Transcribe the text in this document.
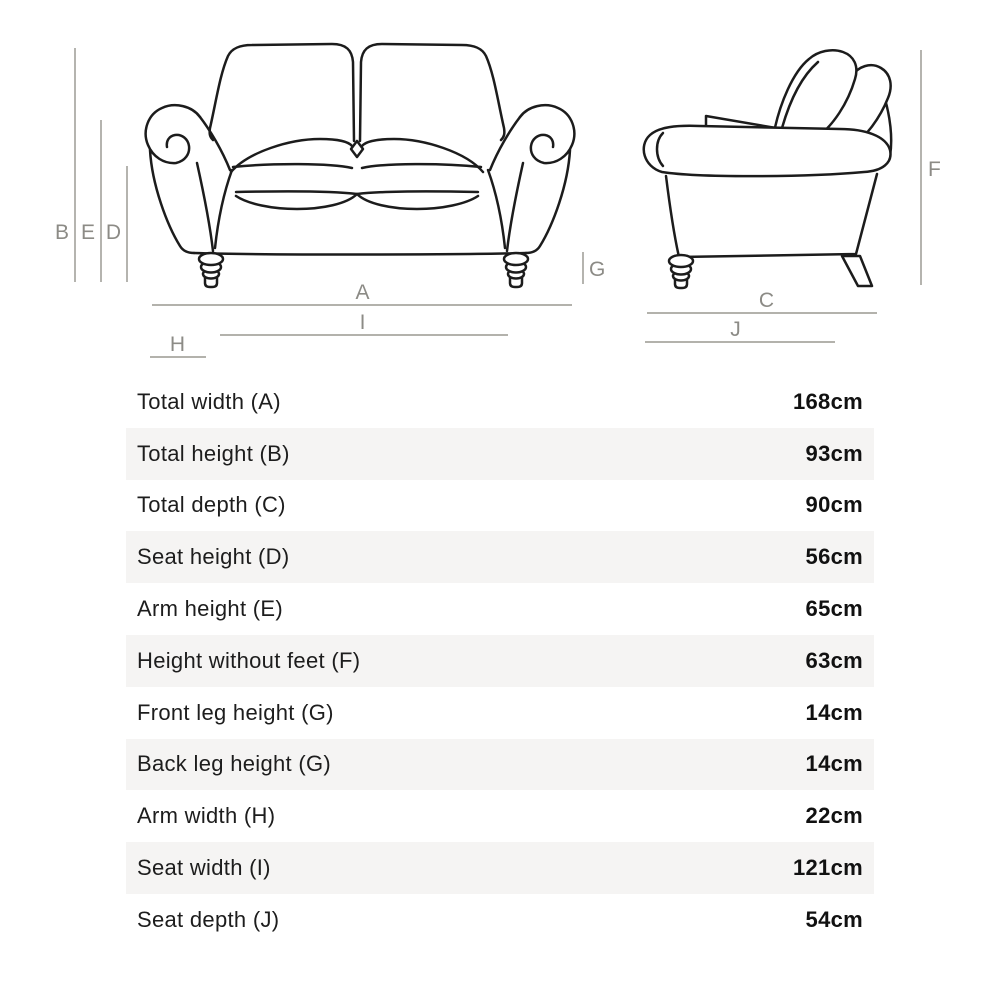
B E D
G
F
A
I
H
C
J
Total width (A)	168cm
Total height (B)	93cm
Total depth (C)	90cm
Seat height (D)	56cm
Arm height (E)	65cm
Height without feet (F)	63cm
Front leg height (G)	14cm
Back leg height (G)	14cm
Arm width (H)	22cm
Seat width (I)	121cm
Seat depth (J)	54cm
